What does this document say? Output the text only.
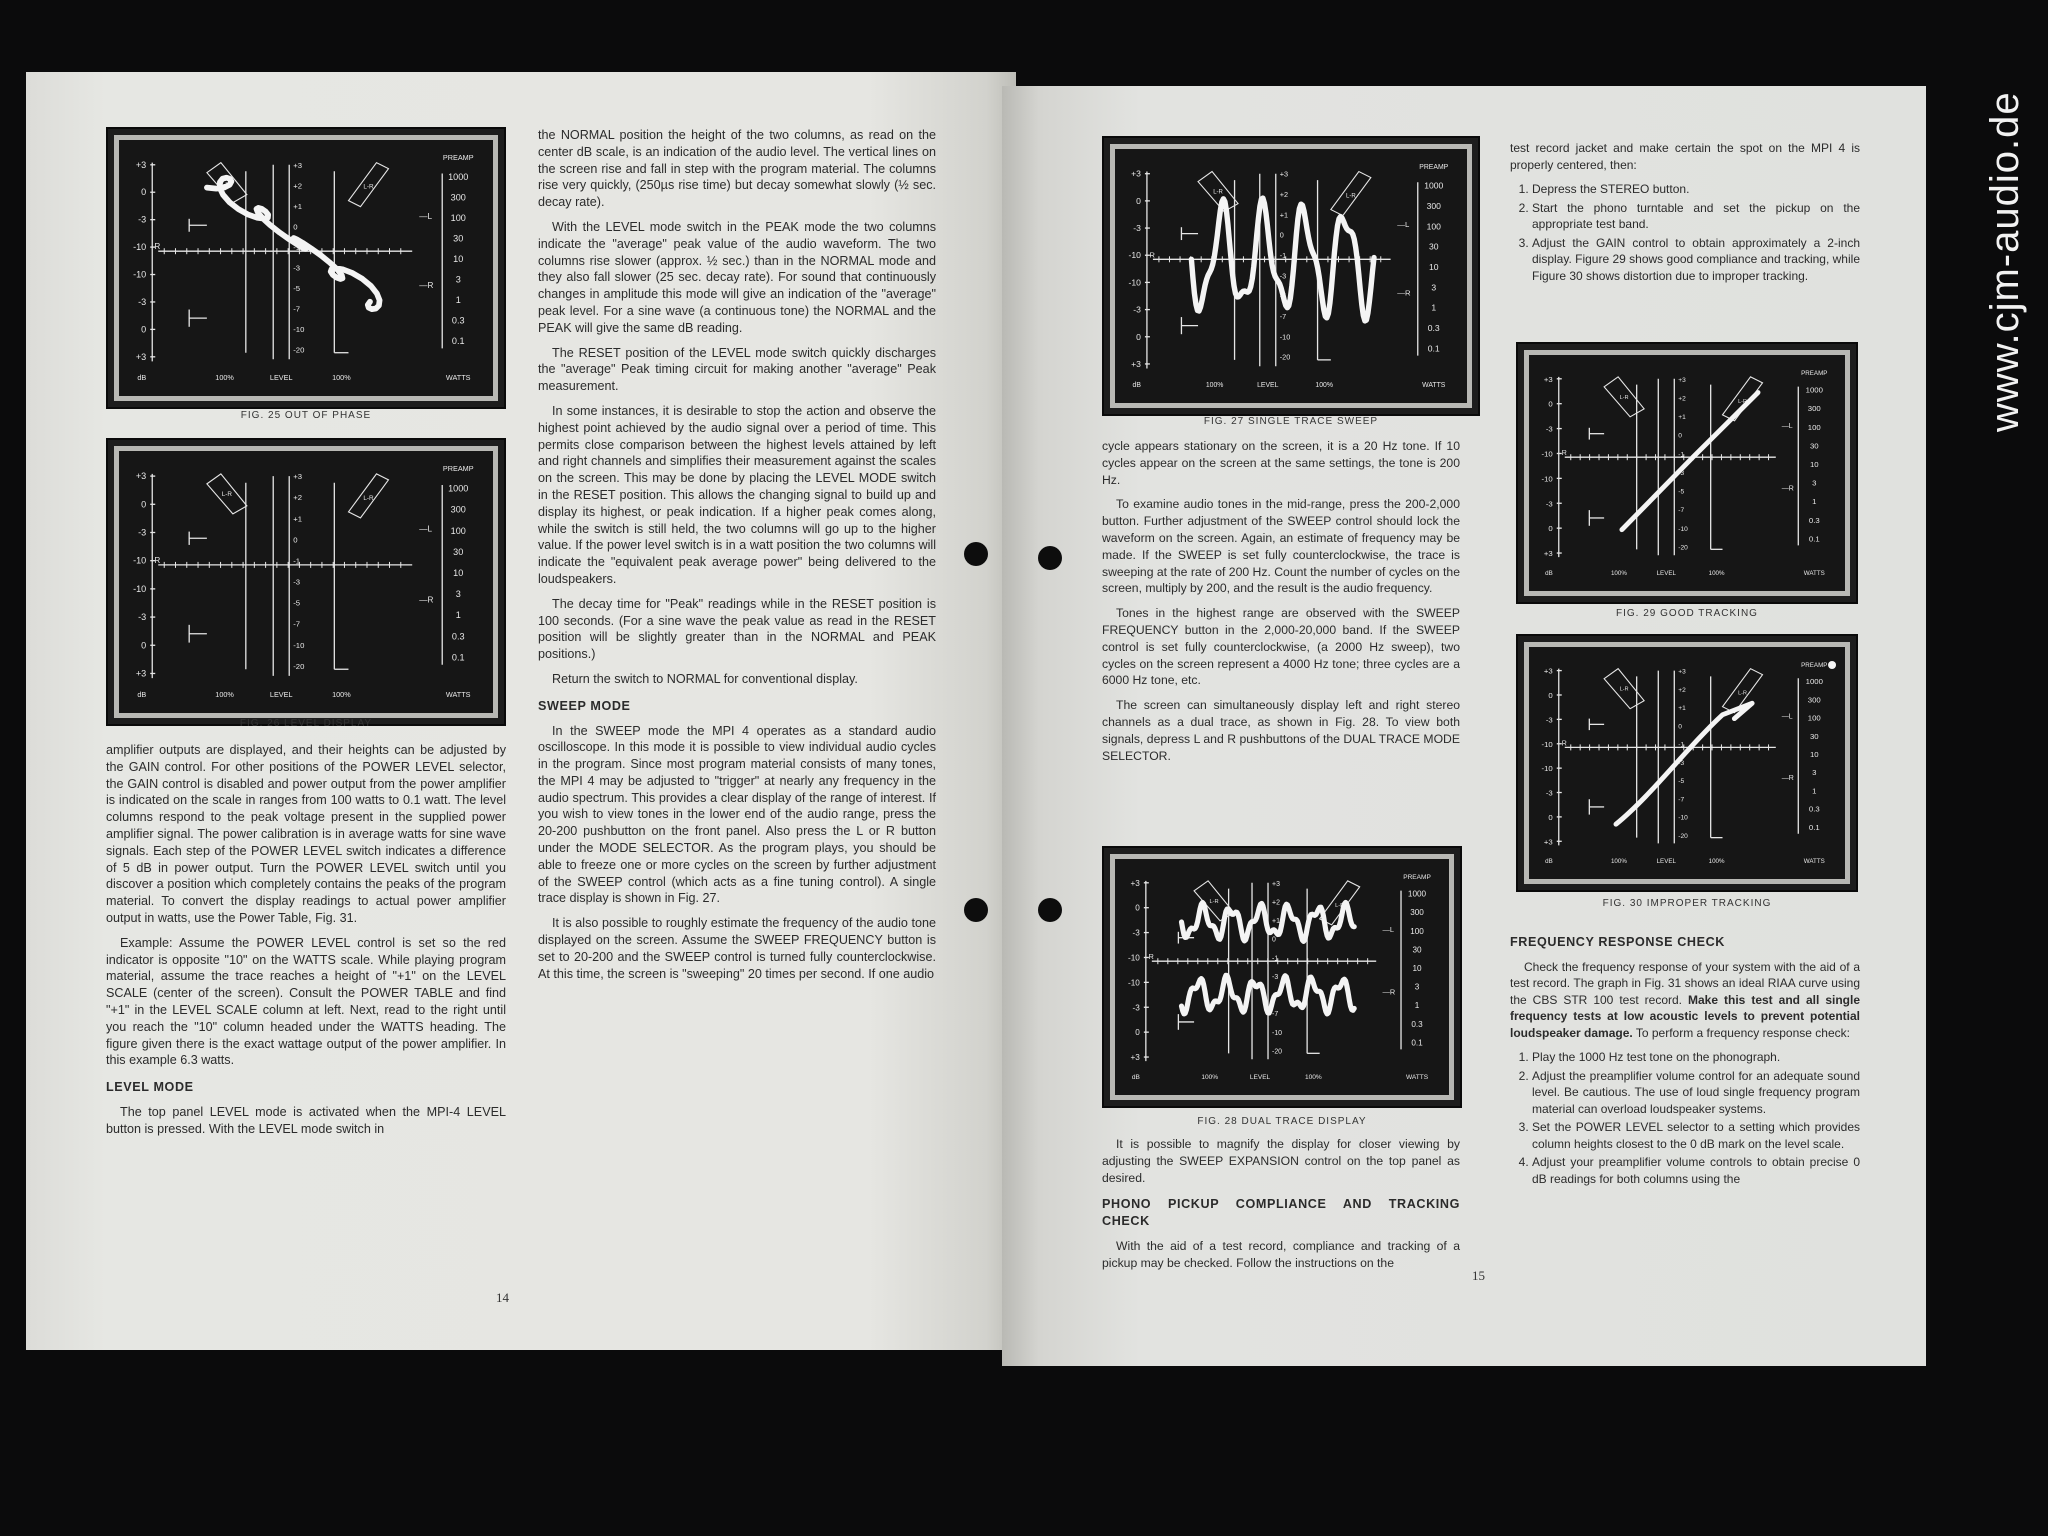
www.cjm-audio.de
+3
0
-3
-10
-10
-3
0
+3
dB
R
+3
+2
+1
0
-1
-3
-5
-7
-10
-20
L-R
L-R
—L
—R
PREAMP
1000
300
100
30
10
3
1
0.3
0.1
WATTS
100%	LEVEL	100%
FIG. 25 OUT OF PHASE
+3
0
-3
-10
-10
-3
0
+3
dB
R
+3
+2
+1
0
-1
-3
-5
-7
-10
-20
L-R
L-R
—L
—R
PREAMP
1000
300
100
30
10
3
1
0.3
0.1
WATTS
100%	LEVEL	100%
FIG. 26 LEVEL DISPLAY

amplifier outputs are displayed, and their heights can be adjusted by the GAIN control. For other positions of the POWER LEVEL selector, the GAIN control is disabled and power output from the power amplifier is indicated on the scale in ranges from 100 watts to 0.1 watt. The level columns respond to the peak voltage present in the supplied power amplifier signal. The power calibration is in average watts for sine wave signals. Each step of the POWER LEVEL switch indicates a difference of 5 dB in power output. Turn the POWER LEVEL switch until you discover a position which completely contains the peaks of the program material. To convert the display readings to actual power amplifier output in watts, use the Power Table, Fig. 31.

Example: Assume the POWER LEVEL control is set so the red indicator is opposite "10" on the WATTS scale. While playing program material, assume the trace reaches a height of "+1" on the LEVEL SCALE (center of the screen). Consult the POWER TABLE and find "+1" in the LEVEL SCALE column at left. Next, read to the right until you reach the "10" column headed under the WATTS heading. The figure given there is the exact wattage output of the power amplifier. In this example 6.3 watts.

LEVEL MODE

The top panel LEVEL mode is activated when the MPI-4 LEVEL button is pressed. With the LEVEL mode switch in

the NORMAL position the height of the two columns, as read on the center dB scale, is an indication of the audio level. The vertical lines on the screen rise and fall in step with the program material. The columns rise very quickly, (250µs rise time) but decay somewhat slowly (½ sec. decay rate).

With the LEVEL mode switch in the PEAK mode the two columns indicate the "average" peak value of the audio waveform. The two columns rise slower (approx. ½ sec.) than in the NORMAL mode and they also fall slower (25 sec. decay rate). For sound that continuously changes in amplitude this mode will give an indication of the "average" peak level. For a sine wave (a continuous tone) the NORMAL and the PEAK will give the same dB reading.

The RESET position of the LEVEL mode switch quickly discharges the "average" Peak timing circuit for making another "average" Peak measurement.

In some instances, it is desirable to stop the action and observe the highest point achieved by the audio signal over a period of time. This permits close comparison between the highest levels attained by left and right channels and simplifies their measurement against the scales on the screen. This may be done by placing the LEVEL MODE switch in the RESET position. This allows the changing signal to build up and display its highest, or peak indication. If a higher peak comes along, while the switch is still held, the two columns will go up to the higher value. If the power level switch is in a watt position the two columns will indicate the "equivalent peak average power" being delivered to the loudspeakers.

The decay time for "Peak" readings while in the RESET position is 100 seconds. (For a sine wave the peak value as read in the RESET position will be slightly greater than in the NORMAL and PEAK positions.)

Return the switch to NORMAL for conventional display.

SWEEP MODE

In the SWEEP mode the MPI 4 operates as a standard audio oscilloscope. In this mode it is possible to view individual audio cycles in the program. Since most program material consists of many tones, the MPI 4 may be adjusted to "trigger" at nearly any frequency in the audio spectrum. This provides a clear display of the range of interest. If you wish to view tones in the lower end of the audio range, press the 20-200 pushbutton on the front panel. Also press the L or R button under the MODE SELECTOR. As the program plays, you should be able to freeze one or more cycles on the screen by further adjustment of the SWEEP control (which acts as a fine tuning control). A single trace display is shown in Fig. 27.

It is also possible to roughly estimate the frequency of the audio tone displayed on the screen. Assume the SWEEP FREQUENCY button is set to 20-200 and the SWEEP control is turned fully counterclockwise. At this time, the screen is "sweeping" 20 times per second. If one audio

14
+3
0
-3
-10
-10
-3
0
+3
dB
R
+3
+2
+1
0
-1
-3
-5
-7
-10
-20
L-R
L-R
—L
—R
PREAMP
1000
300
100
30
10
3
1
0.3
0.1
WATTS
100%	LEVEL	100%
FIG. 27 SINGLE TRACE SWEEP
+3
0
-3
-10
-10
-3
0
+3
dB
R
+3
+2
+1
0
-1
-3
-5
-7
-10
-20
L-R
L-R
—L
—R
PREAMP
1000
300
100
30
10
3
1
0.3
0.1
WATTS
100%	LEVEL	100%
FIG. 28 DUAL TRACE DISPLAY
+3
0
-3
-10
-10
-3
0
+3
dB
R
+3
+2
+1
0
-1
-3
-5
-7
-10
-20
L-R
L-R
—L
—R
PREAMP
1000
300
100
30
10
3
1
0.3
0.1
WATTS
100%	LEVEL	100%
FIG. 29 GOOD TRACKING
+3
0
-3
-10
-10
-3
0
+3
dB
R
+3
+2
+1
0
-1
-3
-5
-7
-10
-20
L-R
L-R
—L
—R
PREAMP
1000
300
100
30
10
3
1
0.3
0.1
WATTS
100%	LEVEL	100%
FIG. 30 IMPROPER TRACKING

cycle appears stationary on the screen, it is a 20 Hz tone. If 10 cycles appear on the screen at the same settings, the tone is 200 Hz.

To examine audio tones in the mid-range, press the 200-2,000 button. Further adjustment of the SWEEP control should lock the waveform on the screen. Again, an estimate of frequency may be made. If the SWEEP is set fully counterclockwise, the trace is sweeping at the rate of 200 Hz. Count the number of cycles on the screen, multiply by 200, and the result is the audio frequency.

Tones in the highest range are observed with the SWEEP FREQUENCY button in the 2,000-20,000 band. If the SWEEP control is set fully counterclockwise, (a 2000 Hz sweep), two cycles on the screen represent a 4000 Hz tone; three cycles are a 6000 Hz tone, etc.

The screen can simultaneously display left and right stereo channels as a dual trace, as shown in Fig. 28. To view both signals, depress L and R pushbuttons of the DUAL TRACE MODE SELECTOR.

It is possible to magnify the display for closer viewing by adjusting the SWEEP EXPANSION control on the top panel as desired.

PHONO PICKUP COMPLIANCE AND TRACKING CHECK

With the aid of a test record, compliance and tracking of a pickup may be checked. Follow the instructions on the

test record jacket and make certain the spot on the MPI 4 is properly centered, then:

1. Depress the STEREO button.
2. Start the phono turntable and set the pickup on the appropriate test band.
3. Adjust the GAIN control to obtain approximately a 2-inch display. Figure 29 shows good compliance and tracking, while Figure 30 shows distortion due to improper tracking.
FREQUENCY RESPONSE CHECK

Check the frequency response of your system with the aid of a test record. The graph in Fig. 31 shows an ideal RIAA curve using the CBS STR 100 test record. Make this test and all single frequency tests at low acoustic levels to prevent potential loudspeaker damage. To perform a frequency response check:

1. Play the 1000 Hz test tone on the phonograph.
2. Adjust the preamplifier volume control for an adequate sound level. Be cautious. The use of loud single frequency program material can overload loudspeaker systems.
3. Set the POWER LEVEL selector to a setting which provides column heights closest to the 0 dB mark on the level scale.
4. Adjust your preamplifier volume controls to obtain precise 0 dB readings for both columns using the
15
